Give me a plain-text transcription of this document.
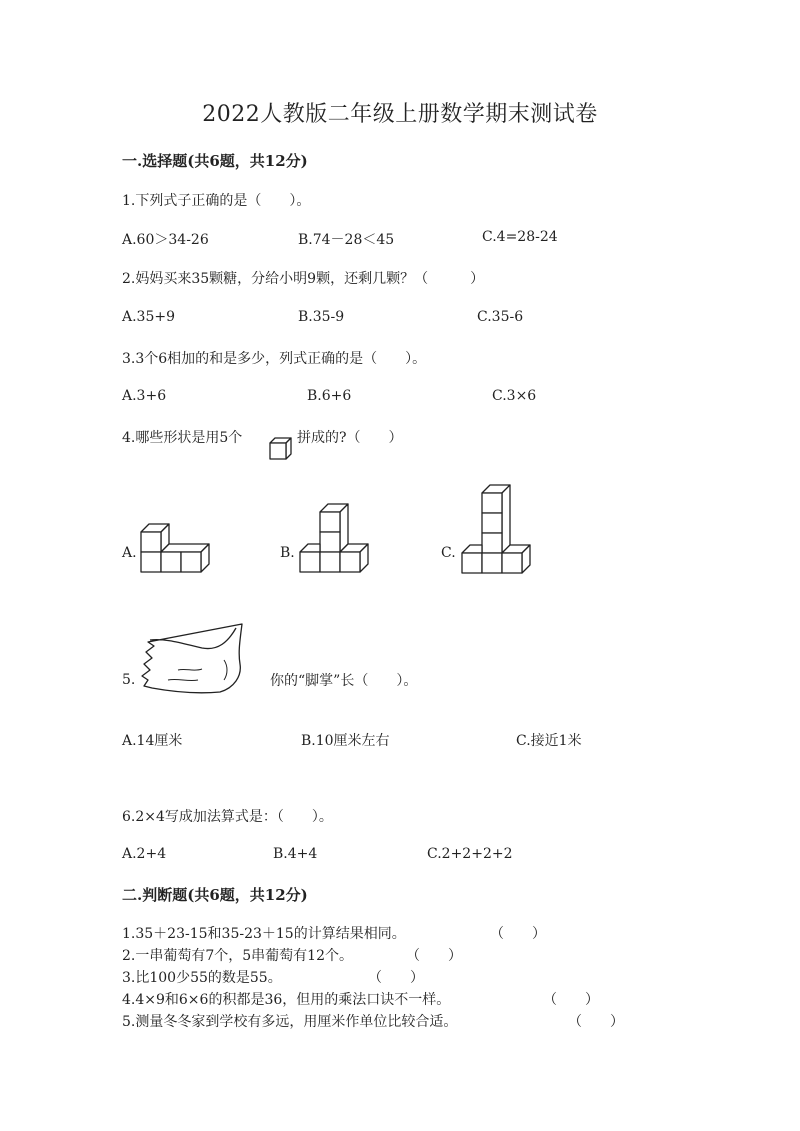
2022人教版二年级上册数学期末测试卷
一.选择题(共6题，共12分)
1.下列式子正确的是（　　）。
A.60＞34-26	B.74－28＜45	C.4=28-24
2.妈妈买来35颗糖，分给小明9颗，还剩几颗？（　　　）
A.35+9	B.35-9	C.35-6
3.3个6相加的和是多少，列式正确的是（　　）。
A.3+6	B.6+6	C.3×6
4.哪些形状是用5个	拼成的?（　　）
A.	B.	C.
5.	你的“脚掌”长（　　）。
A.14厘米	B.10厘米左右	C.接近1米
6.2×4写成加法算式是：（　　）。
A.2+4	B.4+4	C.2+2+2+2
二.判断题(共6题，共12分)
1.35＋23-15和35-23＋15的计算结果相同。	（　　）
2.一串葡萄有7个，5串葡萄有12个。	（　　）
3.比100少55的数是55。	（　　）
4.4×9和6×6的积都是36，但用的乘法口诀不一样。	（　　）
5.测量冬冬家到学校有多远，用厘米作单位比较合适。	（　　）
